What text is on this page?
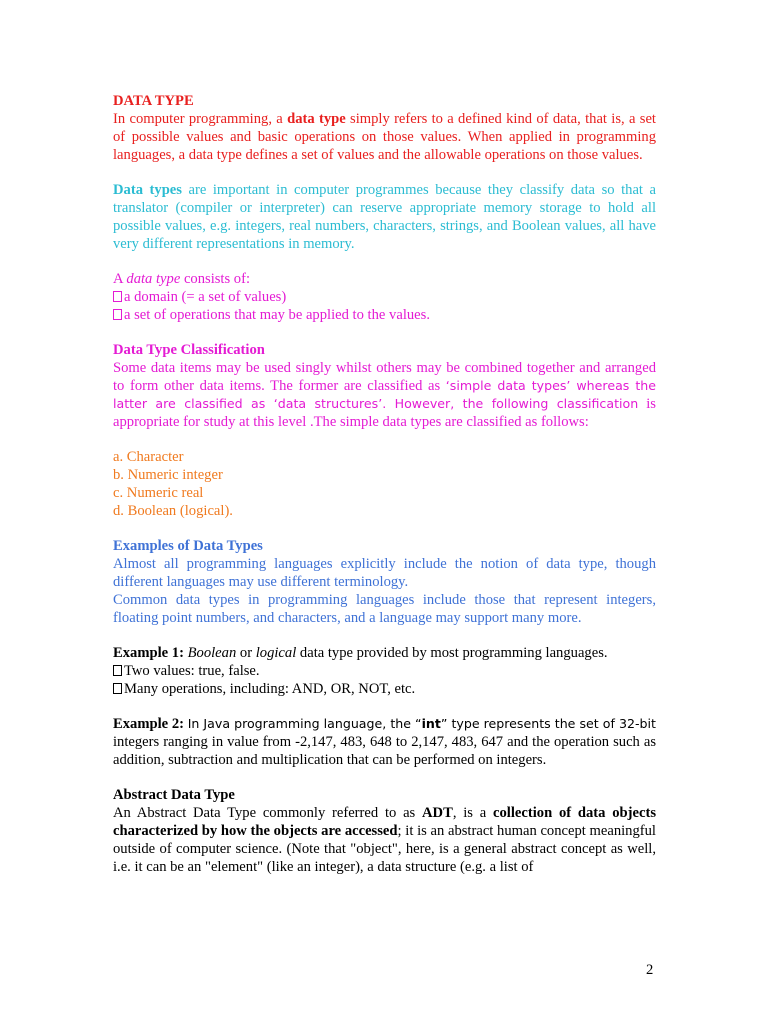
DATA TYPE

In computer programming, a data type simply refers to a defined kind of data, that is, a set of possible values and basic operations on those values. When applied in programming languages, a data type defines a set of values and the allowable operations on those values.

Data types are important in computer programmes because they classify data so that a translator (compiler or interpreter) can reserve appropriate memory storage to hold all possible values, e.g. integers, real numbers, characters, strings, and Boolean values, all have very different representations in memory.

A data type consists of:

a domain (= a set of values)

a set of operations that may be applied to the values.

Data Type Classification

Some data items may be used singly whilst others may be combined together and arranged to form other data items. The former are classified as ‘simple data types’ whereas the latter are classified as ‘data structures’. However, the following classification is appropriate for study at this level .The simple data types are classified as follows:

a. Character

b. Numeric integer

c. Numeric real

d. Boolean (logical).

Examples of Data Types

Almost all programming languages explicitly include the notion of data type, though different languages may use different terminology.

Common data types in programming languages include those that represent integers, floating point numbers, and characters, and a language may support many more.

Example 1: Boolean or logical data type provided by most programming languages.

Two values: true, false.

Many operations, including: AND, OR, NOT, etc.

Example 2: In Java programming language, the “int” type represents the set of 32-bit integers ranging in value from -2,147, 483, 648 to 2,147, 483, 647 and the operation such as addition, subtraction and multiplication that can be performed on integers.

Abstract Data Type

An Abstract Data Type commonly referred to as ADT, is a collection of data objects characterized by how the objects are accessed; it is an abstract human concept meaningful outside of computer science. (Note that "object", here, is a general abstract concept as well, i.e. it can be an "element" (like an integer), a data structure (e.g. a list of

2
